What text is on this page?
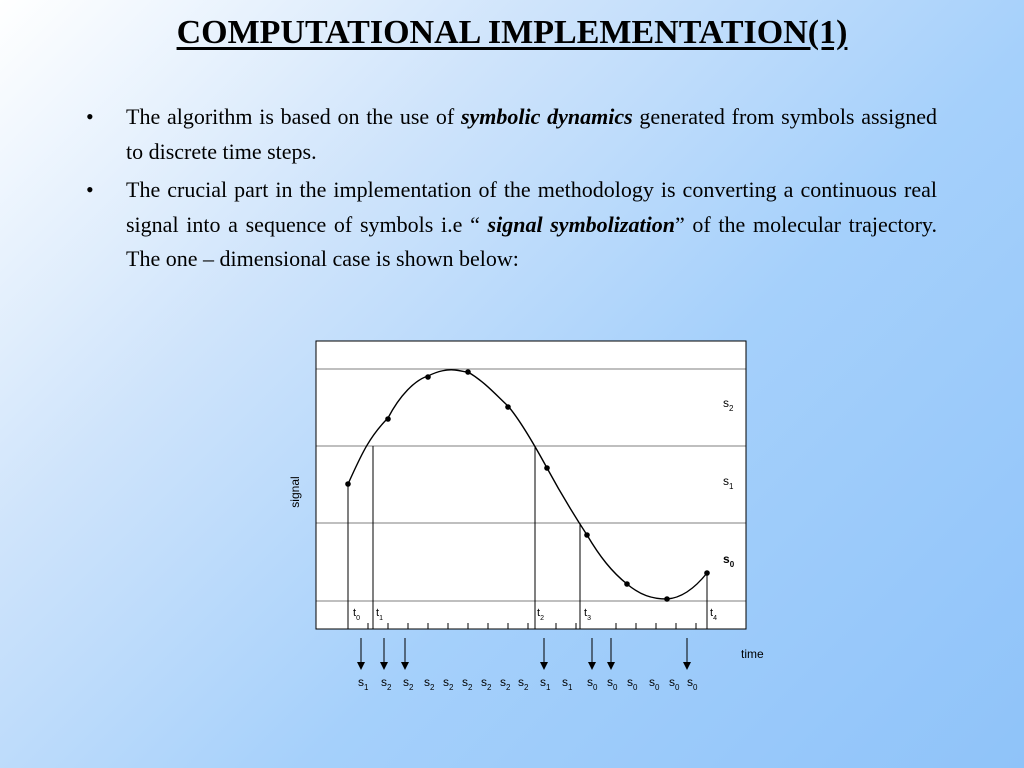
COMPUTATIONAL IMPLEMENTATION(1)
• The algorithm is based on the use of symbolic dynamics generated from symbols assigned to discrete time steps.
• The crucial part in the implementation of the methodology is converting a continuous real signal into a sequence of symbols i.e “ signal symbolization” of the molecular trajectory. The one – dimensional case is shown below:
signal
time
$s_2$
$s_1$
$s_0$
$t_0$ $t_1$	$t_2$	$t_3$	$t_4$
$s_1$ $s_2$ $s_2$ $s_2$ $s_2$ $s_2$ $s_2$ $s_2$ $s_2$ $s_1$ $s_1$ $s_0$ $s_0$ $s_0$ $s_0$ $s_0$ $s_0$
